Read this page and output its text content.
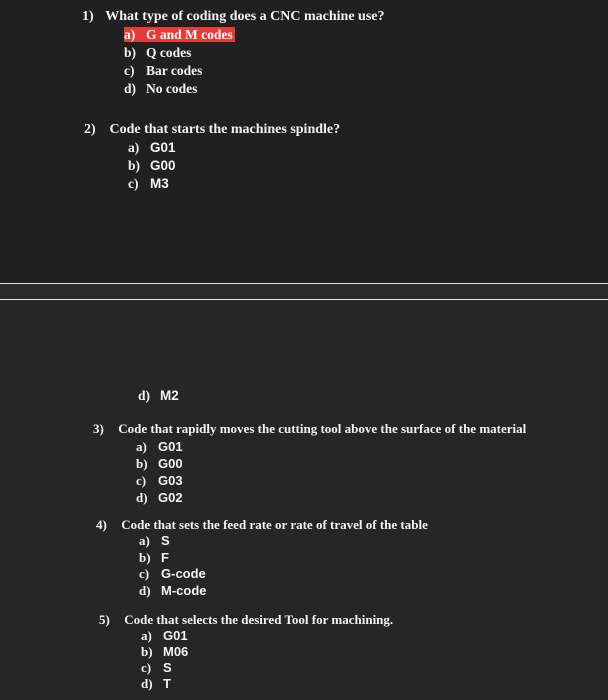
1) What type of coding does a CNC machine use?
a) G and M codes
b) Q codes
c) Bar codes
d) No codes
2) Code that starts the machines spindle?
a) G01
b) G00
c) M3
d) M2
3) Code that rapidly moves the cutting tool above the surface of the material
a) G01
b) G00
c) G03
d) G02
4) Code that sets the feed rate or rate of travel of the table
a) S
b) F
c) G-code
d) M-code
5) Code that selects the desired Tool for machining.
a) G01
b) M06
c) S
d) T
